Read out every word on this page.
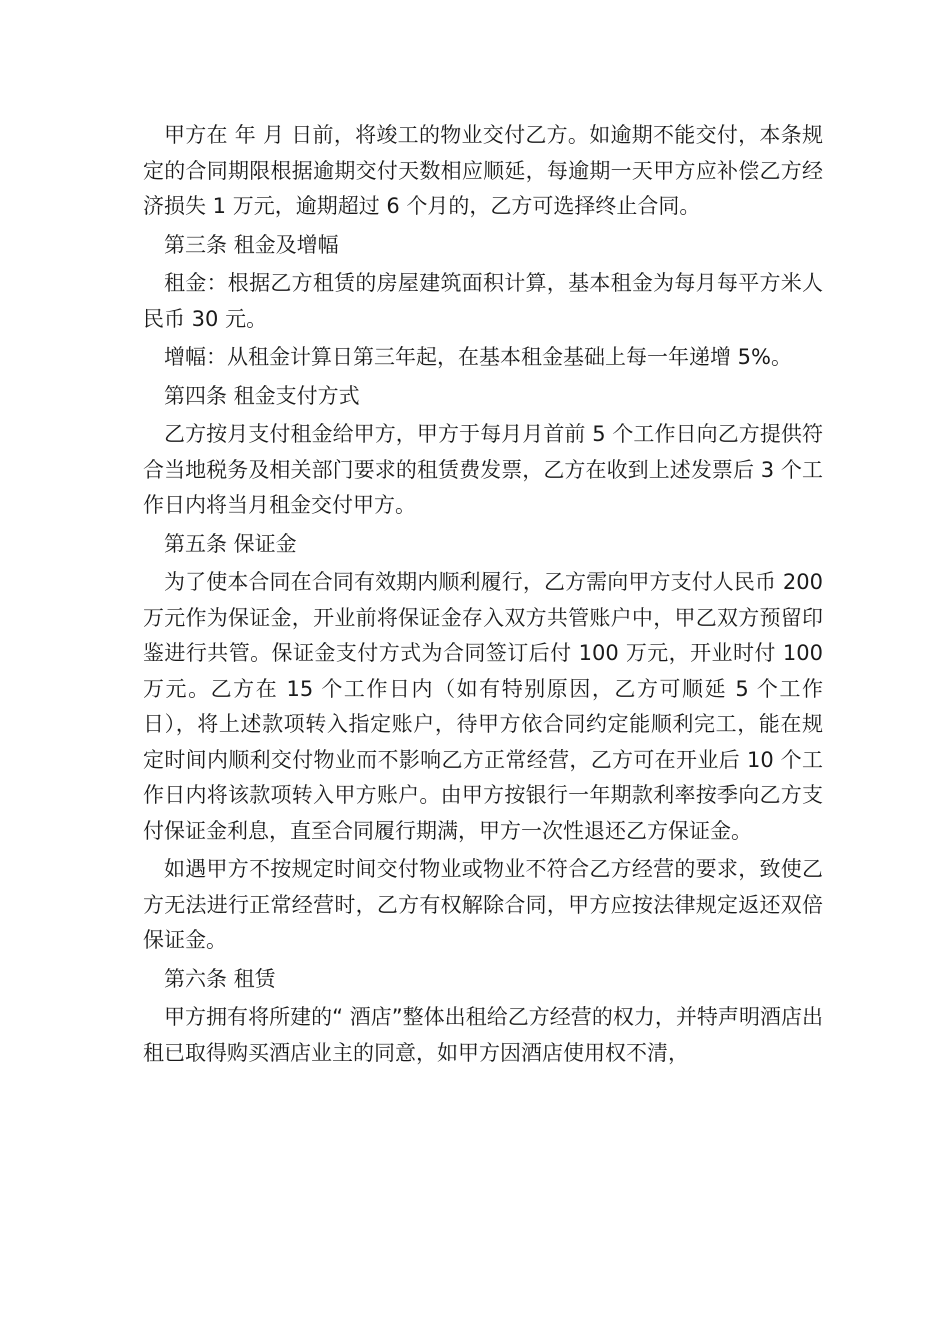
甲方在 年 月 日前，将竣工的物业交付乙方。如逾期不能交付，本条规定的合同期限根据逾期交付天数相应顺延，每逾期一天甲方应补偿乙方经济损失 1 万元，逾期超过 6 个月的，乙方可选择终止合同。

第三条 租金及增幅

租金：根据乙方租赁的房屋建筑面积计算，基本租金为每月每平方米人民币 30 元。

增幅：从租金计算日第三年起，在基本租金基础上每一年递增 5%。

第四条 租金支付方式

乙方按月支付租金给甲方，甲方于每月月首前 5 个工作日向乙方提供符合当地税务及相关部门要求的租赁费发票，乙方在收到上述发票后 3 个工作日内将当月租金交付甲方。

第五条 保证金

为了使本合同在合同有效期内顺利履行，乙方需向甲方支付人民币 200 万元作为保证金，开业前将保证金存入双方共管账户中，甲乙双方预留印鉴进行共管。保证金支付方式为合同签订后付 100 万元，开业时付 100 万元。乙方在 15 个工作日内（如有特别原因，乙方可顺延 5 个工作日），将上述款项转入指定账户，待甲方依合同约定能顺利完工，能在规定时间内顺利交付物业而不影响乙方正常经营，乙方可在开业后 10 个工作日内将该款项转入甲方账户。由甲方按银行一年期款利率按季向乙方支付保证金利息，直至合同履行期满，甲方一次性退还乙方保证金。

如遇甲方不按规定时间交付物业或物业不符合乙方经营的要求，致使乙方无法进行正常经营时，乙方有权解除合同，甲方应按法律规定返还双倍保证金。

第六条 租赁

甲方拥有将所建的“ 酒店”整体出租给乙方经营的权力，并特声明酒店出租已取得购买酒店业主的同意，如甲方因酒店使用权不清，
